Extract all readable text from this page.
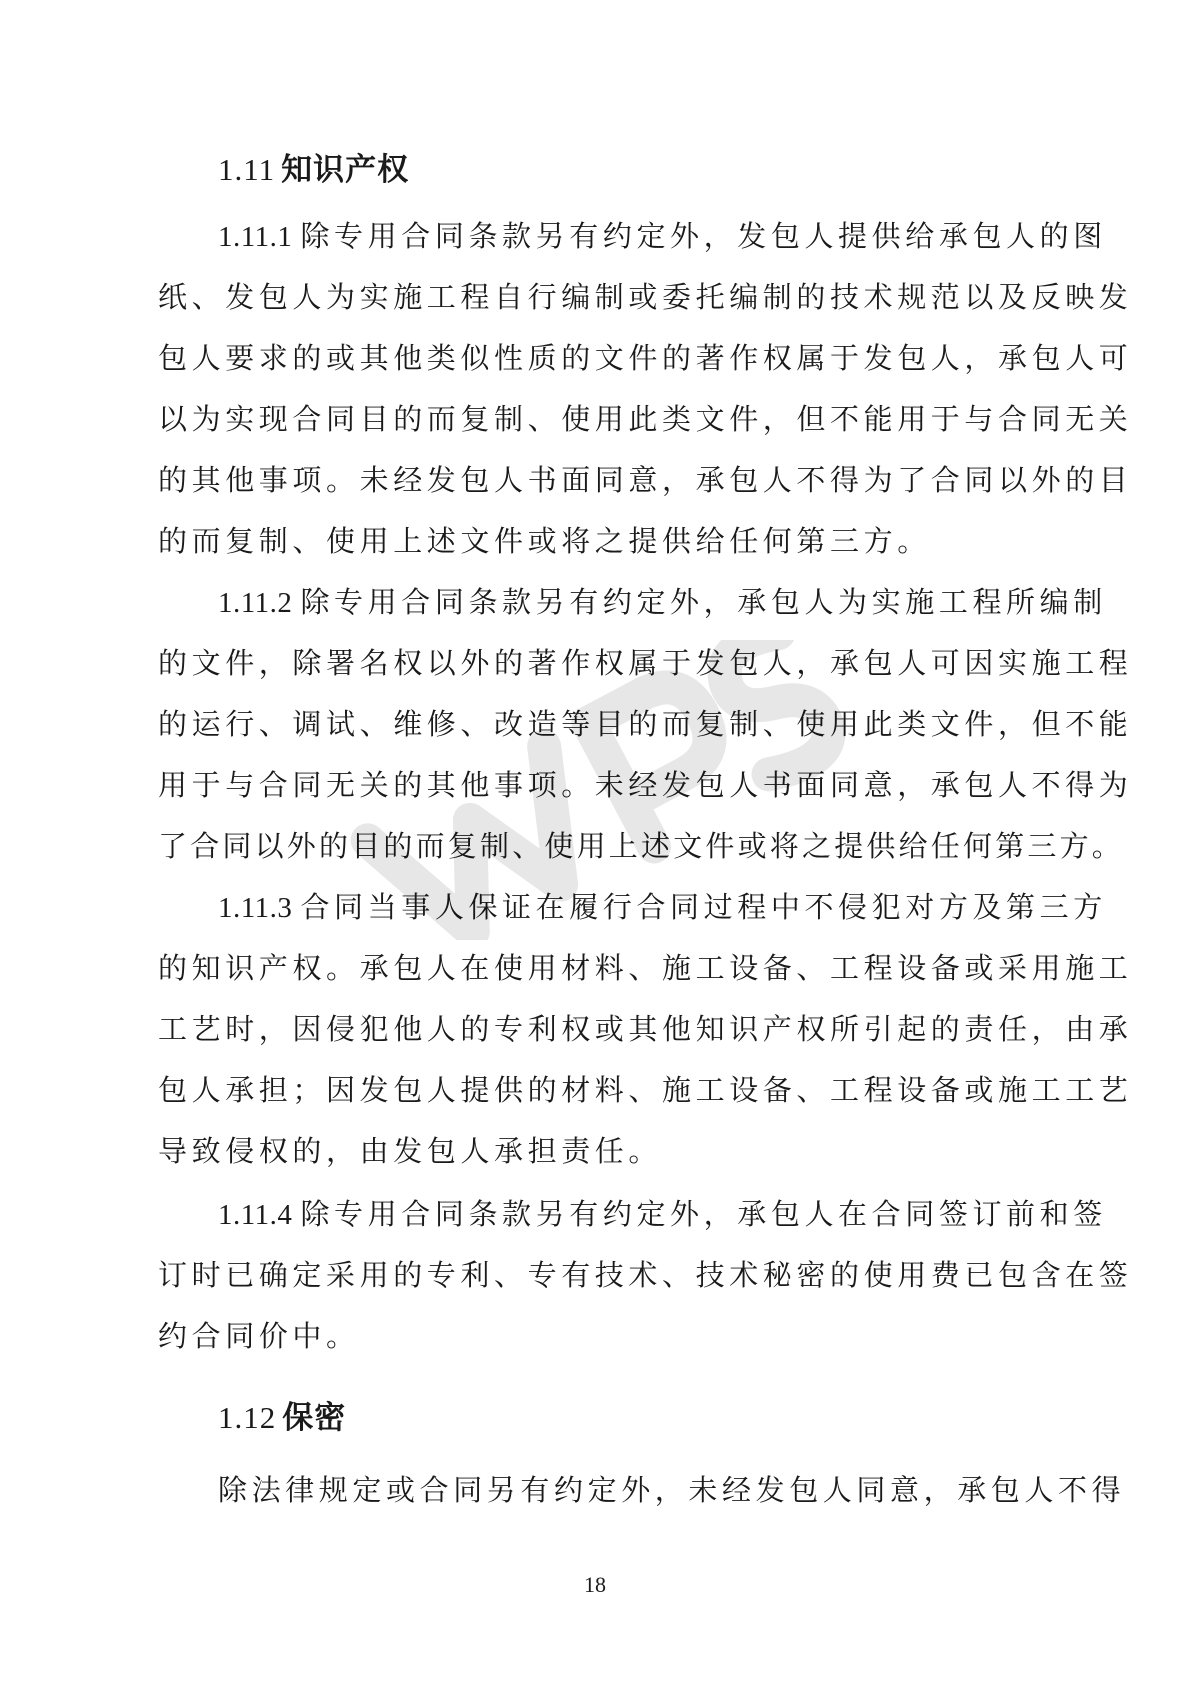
1.11 知识产权
1.11.1 除专用合同条款另有约定外，发包人提供给承包人的图
纸、发包人为实施工程自行编制或委托编制的技术规范以及反映发
包人要求的或其他类似性质的文件的著作权属于发包人，承包人可
以为实现合同目的而复制、使用此类文件，但不能用于与合同无关
的其他事项。未经发包人书面同意，承包人不得为了合同以外的目
的而复制、使用上述文件或将之提供给任何第三方。
1.11.2 除专用合同条款另有约定外，承包人为实施工程所编制
的文件，除署名权以外的著作权属于发包人，承包人可因实施工程
的运行、调试、维修、改造等目的而复制、使用此类文件，但不能
用于与合同无关的其他事项。未经发包人书面同意，承包人不得为
了合同以外的目的而复制、使用上述文件或将之提供给任何第三方。
1.11.3 合同当事人保证在履行合同过程中不侵犯对方及第三方
的知识产权。承包人在使用材料、施工设备、工程设备或采用施工
工艺时，因侵犯他人的专利权或其他知识产权所引起的责任，由承
包人承担；因发包人提供的材料、施工设备、工程设备或施工工艺
导致侵权的，由发包人承担责任。
1.11.4 除专用合同条款另有约定外，承包人在合同签订前和签
订时已确定采用的专利、专有技术、技术秘密的使用费已包含在签
约合同价中。
1.12 保密
除法律规定或合同另有约定外，未经发包人同意，承包人不得
18
